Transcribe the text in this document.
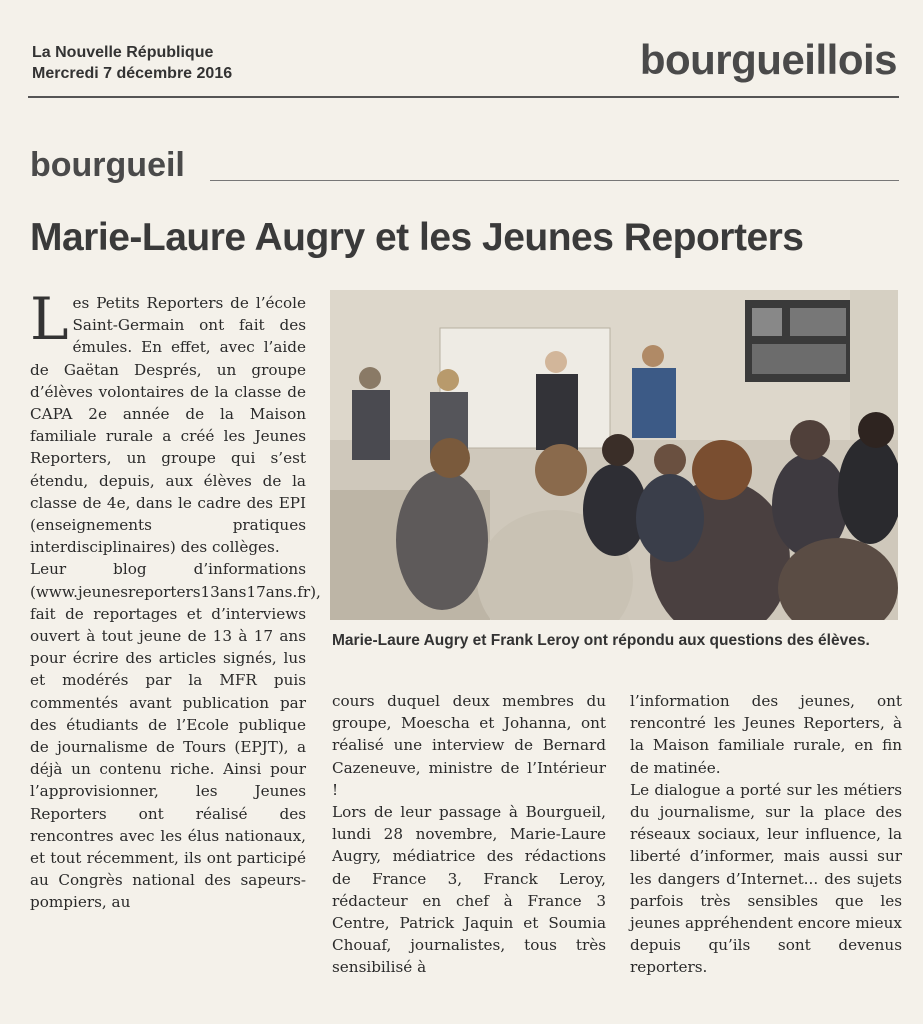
La Nouvelle République
Mercredi 7 décembre 2016	bourgueillois
bourgueil
Marie-Laure Augry et les Jeunes Reporters

Les Petits Reporters de l’école Saint-Germain ont fait des émules. En effet, avec l’aide de Gaëtan Després, un groupe d’élèves volontaires de la classe de CAPA 2e année de la Maison familiale rurale a créé les Jeunes Reporters, un groupe qui s’est étendu, depuis, aux élèves de la classe de 4e, dans le cadre des EPI (enseignements pratiques interdisciplinaires) des collèges.

Leur blog d’informations (www.jeunesreporters13ans17ans.fr), fait de reportages et d’interviews ouvert à tout jeune de 13 à 17 ans pour écrire des articles signés, lus et modérés par la MFR puis commentés avant publication par des étudiants de l’Ecole publique de journalisme de Tours (EPJT), a déjà un contenu riche. Ainsi pour l’approvisionner, les Jeunes Reporters ont réalisé des rencontres avec les élus nationaux, et tout récemment, ils ont participé au Congrès national des sapeurs-pompiers, au

Marie-Laure Augry et Frank Leroy ont répondu aux questions des élèves.

cours duquel deux membres du groupe, Moescha et Johanna, ont réalisé une interview de Bernard Cazeneuve, ministre de l’Intérieur !

Lors de leur passage à Bourgueil, lundi 28 novembre, Marie-Laure Augry, médiatrice des rédactions de France 3, Franck Leroy, rédacteur en chef à France 3 Centre, Patrick Jaquin et Soumia Chouaf, journalistes, tous très sensibilisé à

l’information des jeunes, ont rencontré les Jeunes Reporters, à la Maison familiale rurale, en fin de matinée.

Le dialogue a porté sur les métiers du journalisme, sur la place des réseaux sociaux, leur influence, la liberté d’informer, mais aussi sur les dangers d’Internet... des sujets parfois très sensibles que les jeunes appréhendent encore mieux depuis qu’ils sont devenus reporters.
